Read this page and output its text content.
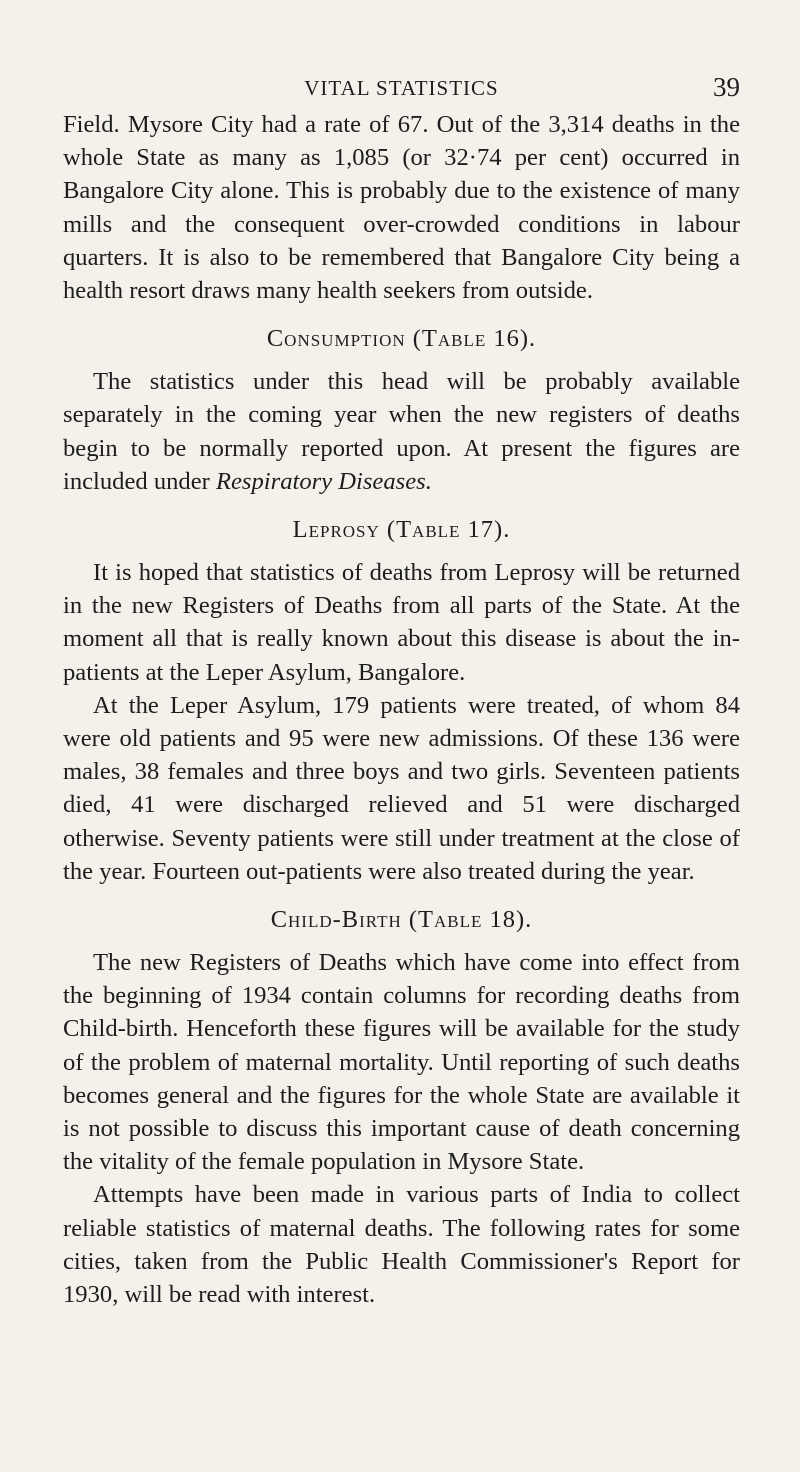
VITAL STATISTICS	39

Field. Mysore City had a rate of 67. Out of the 3,314 deaths in the whole State as many as 1,085 (or 32·74 per cent) occurred in Bangalore City alone. This is probably due to the existence of many mills and the consequent over-crowded conditions in labour quarters. It is also to be remembered that Bangalore City being a health resort draws many health seekers from outside.

Consumption (Table 16).

The statistics under this head will be probably available separately in the coming year when the new registers of deaths begin to be normally reported upon. At present the figures are included under Respiratory Diseases.

Leprosy (Table 17).

It is hoped that statistics of deaths from Leprosy will be returned in the new Registers of Deaths from all parts of the State. At the moment all that is really known about this disease is about the in-patients at the Leper Asylum, Bangalore.

At the Leper Asylum, 179 patients were treated, of whom 84 were old patients and 95 were new admissions. Of these 136 were males, 38 females and three boys and two girls. Seventeen patients died, 41 were discharged relieved and 51 were discharged otherwise. Seventy patients were still under treatment at the close of the year. Fourteen out-patients were also treated during the year.

Child-Birth (Table 18).

The new Registers of Deaths which have come into effect from the beginning of 1934 contain columns for recording deaths from Child-birth. Henceforth these figures will be available for the study of the problem of maternal mortality. Until reporting of such deaths becomes general and the figures for the whole State are available it is not possible to discuss this important cause of death concerning the vitality of the female population in Mysore State.

Attempts have been made in various parts of India to collect reliable statistics of maternal deaths. The following rates for some cities, taken from the Public Health Commissioner's Report for 1930, will be read with interest.
